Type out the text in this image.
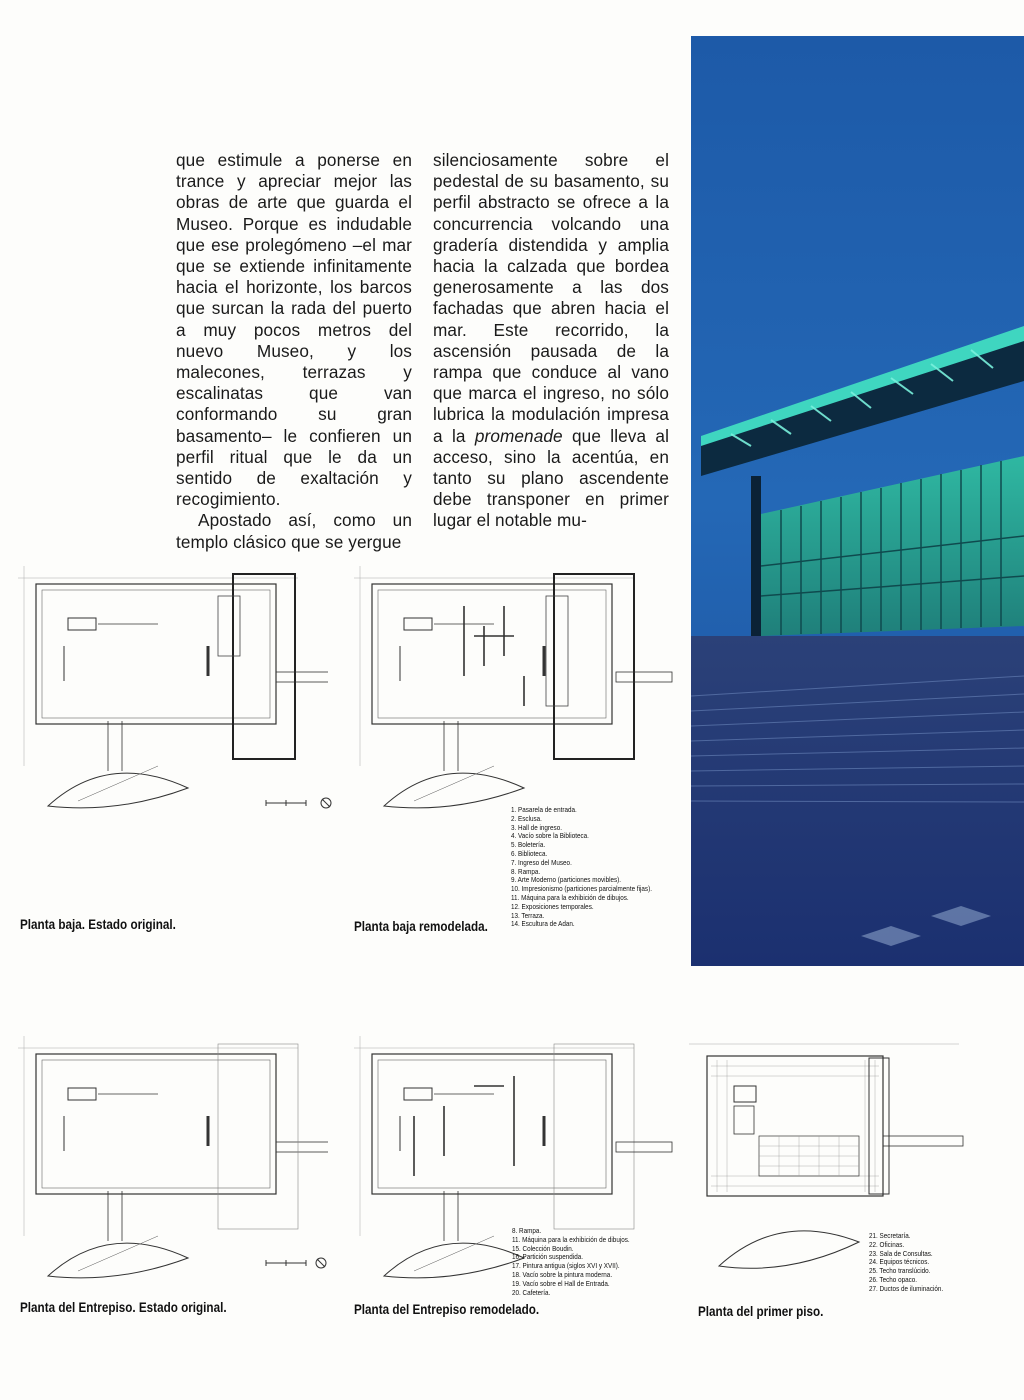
que estimule a ponerse en trance y apreciar mejor las obras de arte que guarda el Museo. Porque es indudable que ese prolegómeno –el mar que se extiende infinitamente hacia el horizonte, los barcos que surcan la rada del puerto a muy pocos metros del nuevo Museo, y los malecones, terrazas y escalinatas que van conformando su gran basamento– le confieren un perfil ritual que le da un sentido de exaltación y recogimiento.

Apostado así, como un templo clásico que se yergue

silenciosamente sobre el pedestal de su basamento, su perfil abstracto se ofrece a la concurrencia volcando una gradería distendida y amplia hacia la calzada que bordea generosamente a las dos fachadas que abren hacia el mar. Este recorrido, la ascensión pausada de la rampa que conduce al vano que marca el ingreso, no sólo lubrica la modulación impresa a la promenade que lleva al acceso, sino la acentúa, en tanto su plano ascendente debe transponer en primer lugar el notable mu-

1. Pasarela de entrada.
2. Esclusa.
3. Hall de ingreso.
4. Vacío sobre la Biblioteca.
5. Boletería.
6. Biblioteca.
7. Ingreso del Museo.
8. Rampa.
9. Arte Moderno (particiones movibles).
10. Impresionismo (particiones parcialmente fijas).
11. Máquina para la exhibición de dibujos.
12. Exposiciones temporales.
13. Terraza.
14. Escultura de Adan.
Planta baja. Estado original.	Planta baja remodelada.
8. Rampa.
11. Máquina para la exhibición de dibujos.
15. Colección Boudin.
16. Partición suspendida.
17. Pintura antigua (siglos XVI y XVII).
18. Vacío sobre la pintura moderna.
19. Vacío sobre el Hall de Entrada.
20. Cafetería.
21. Secretaría.
22. Oficinas.
23. Sala de Consultas.
24. Equipos técnicos.
25. Techo translúcido.
26. Techo opaco.
27. Ductos de iluminación.
Planta del Entrepiso. Estado original.	Planta del Entrepiso remodelado.	Planta del primer piso.
